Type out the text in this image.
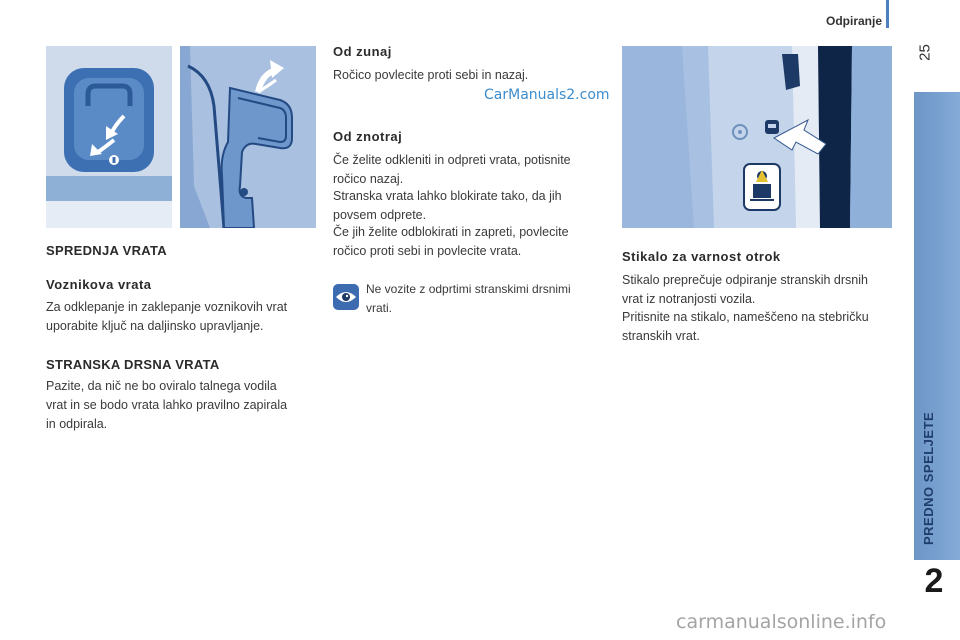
Odpiranje
25
PREDNO SPELJETE
2
CarManuals2.com
carmanualsonline.info
SPREDNJA VRATA
Voznikova vrata
Za odklepanje in zaklepanje voznikovih vrat
uporabite ključ na daljinsko upravljanje.
STRANSKA DRSNA VRATA
Pazite, da nič ne bo oviralo talnega vodila
vrat in se bodo vrata lahko pravilno zapirala
in odpirala.
Od zunaj
Ročico povlecite proti sebi in nazaj.
Od znotraj
Če želite odkleniti in odpreti vrata, potisnite
ročico nazaj.
Stranska vrata lahko blokirate tako, da jih
povsem odprete.
Če jih želite odblokirati in zapreti, povlecite
ročico proti sebi in povlecite vrata.
Ne vozite z odprtimi stranskimi drsnimi
vrati.
Stikalo za varnost otrok
Stikalo preprečuje odpiranje stranskih drsnih
vrat iz notranjosti vozila.
Pritisnite na stikalo, nameščeno na stebričku
stranskih vrat.
